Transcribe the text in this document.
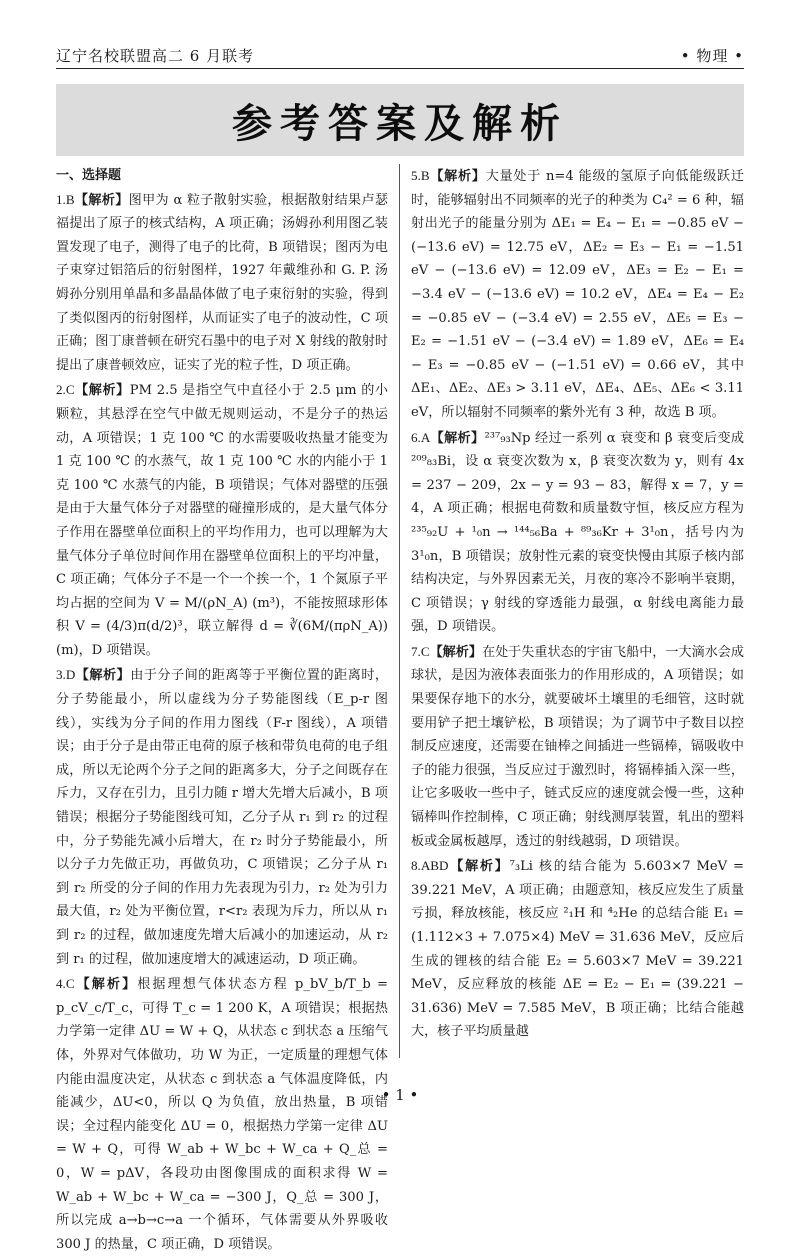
辽宁名校联盟高二 6 月联考	• 物理 •
参考答案及解析

一、选择题

1.B【解析】图甲为 α 粒子散射实验，根据散射结果卢瑟福提出了原子的核式结构，A 项正确；汤姆孙利用图乙装置发现了电子，测得了电子的比荷，B 项错误；图丙为电子束穿过铝箔后的衍射图样，1927 年戴维孙和 G. P. 汤姆孙分别用单晶和多晶晶体做了电子束衍射的实验，得到了类似图丙的衍射图样，从而证实了电子的波动性，C 项正确；图丁康普顿在研究石墨中的电子对 X 射线的散射时提出了康普顿效应，证实了光的粒子性，D 项正确。

2.C【解析】PM 2.5 是指空气中直径小于 2.5 μm 的小颗粒，其悬浮在空气中做无规则运动，不是分子的热运动，A 项错误；1 克 100 ℃ 的水需要吸收热量才能变为 1 克 100 ℃ 的水蒸气，故 1 克 100 ℃ 水的内能小于 1 克 100 ℃ 水蒸气的内能，B 项错误；气体对器壁的压强是由于大量气体分子对器壁的碰撞形成的，是大量气体分子作用在器壁单位面积上的平均作用力，也可以理解为大量气体分子单位时间作用在器壁单位面积上的平均冲量，C 项正确；气体分子不是一个一个挨一个，1 个氮原子平均占据的空间为 V = M/(ρN_A) (m³)，不能按照球形体积 V = (4/3)π(d/2)³，联立解得 d = ∛(6M/(πρN_A)) (m)，D 项错误。

3.D【解析】由于分子间的距离等于平衡位置的距离时，分子势能最小，所以虚线为分子势能图线（E_p-r 图线），实线为分子间的作用力图线（F-r 图线），A 项错误；由于分子是由带正电荷的原子核和带负电荷的电子组成，所以无论两个分子之间的距离多大，分子之间既存在斥力，又存在引力，且引力随 r 增大先增大后减小，B 项错误；根据分子势能图线可知，乙分子从 r₁ 到 r₂ 的过程中，分子势能先减小后增大，在 r₂ 时分子势能最小，所以分子力先做正功，再做负功，C 项错误；乙分子从 r₁ 到 r₂ 所受的分子间的作用力先表现为引力，r₂ 处为引力最大值，r₂ 处为平衡位置，r<r₂ 表现为斥力，所以从 r₁ 到 r₂ 的过程，做加速度先增大后减小的加速运动，从 r₂ 到 r₁ 的过程，做加速度增大的减速运动，D 项正确。

4.C【解析】根据理想气体状态方程 p_bV_b/T_b = p_cV_c/T_c，可得 T_c = 1 200 K，A 项错误；根据热力学第一定律 ΔU = W + Q，从状态 c 到状态 a 压缩气体，外界对气体做功，功 W 为正，一定质量的理想气体内能由温度决定，从状态 c 到状态 a 气体温度降低，内能减少，ΔU<0，所以 Q 为负值，放出热量，B 项错误；全过程内能变化 ΔU = 0，根据热力学第一定律 ΔU = W + Q，可得 W_ab + W_bc + W_ca + Q_总 = 0，W = pΔV，各段功由图像围成的面积求得 W = W_ab + W_bc + W_ca = −300 J，Q_总 = 300 J，所以完成 a→b→c→a 一个循环，气体需要从外界吸收 300 J 的热量，C 项正确，D 项错误。

5.B【解析】大量处于 n=4 能级的氢原子向低能级跃迁时，能够辐射出不同频率的光子的种类为 C₄² = 6 种，辐射出光子的能量分别为 ΔE₁ = E₄ − E₁ = −0.85 eV − (−13.6 eV) = 12.75 eV，ΔE₂ = E₃ − E₁ = −1.51 eV − (−13.6 eV) = 12.09 eV，ΔE₃ = E₂ − E₁ = −3.4 eV − (−13.6 eV) = 10.2 eV，ΔE₄ = E₄ − E₂ = −0.85 eV − (−3.4 eV) = 2.55 eV，ΔE₅ = E₃ − E₂ = −1.51 eV − (−3.4 eV) = 1.89 eV，ΔE₆ = E₄ − E₃ = −0.85 eV − (−1.51 eV) = 0.66 eV，其中 ΔE₁、ΔE₂、ΔE₃ > 3.11 eV，ΔE₄、ΔE₅、ΔE₆ < 3.11 eV，所以辐射不同频率的紫外光有 3 种，故选 B 项。

6.A【解析】²³⁷₉₃Np 经过一系列 α 衰变和 β 衰变后变成 ²⁰⁹₈₃Bi，设 α 衰变次数为 x，β 衰变次数为 y，则有 4x = 237 − 209，2x − y = 93 − 83，解得 x = 7，y = 4，A 项正确；根据电荷数和质量数守恒，核反应方程为 ²³⁵₉₂U + ¹₀n → ¹⁴⁴₅₆Ba + ⁸⁹₃₆Kr + 3¹₀n，括号内为 3¹₀n，B 项错误；放射性元素的衰变快慢由其原子核内部结构决定，与外界因素无关，月夜的寒冷不影响半衰期，C 项错误；γ 射线的穿透能力最强，α 射线电离能力最强，D 项错误。

7.C【解析】在处于失重状态的宇宙飞船中，一大滴水会成球状，是因为液体表面张力的作用形成的，A 项错误；如果要保存地下的水分，就要破坏土壤里的毛细管，这时就要用铲子把土壤铲松，B 项错误；为了调节中子数目以控制反应速度，还需要在铀棒之间插进一些镉棒，镉吸收中子的能力很强，当反应过于激烈时，将镉棒插入深一些，让它多吸收一些中子，链式反应的速度就会慢一些，这种镉棒叫作控制棒，C 项正确；射线测厚装置，轧出的塑料板或金属板越厚，透过的射线越弱，D 项错误。

8.ABD【解析】⁷₃Li 核的结合能为 5.603×7 MeV = 39.221 MeV，A 项正确；由题意知，核反应发生了质量亏损，释放核能，核反应 ²₁H 和 ⁴₂He 的总结合能 E₁ = (1.112×3 + 7.075×4) MeV = 31.636 MeV，反应后生成的锂核的结合能 E₂ = 5.603×7 MeV = 39.221 MeV，反应释放的核能 ΔE = E₂ − E₁ = (39.221 − 31.636) MeV = 7.585 MeV，B 项正确；比结合能越大，核子平均质量越

• 1 •
